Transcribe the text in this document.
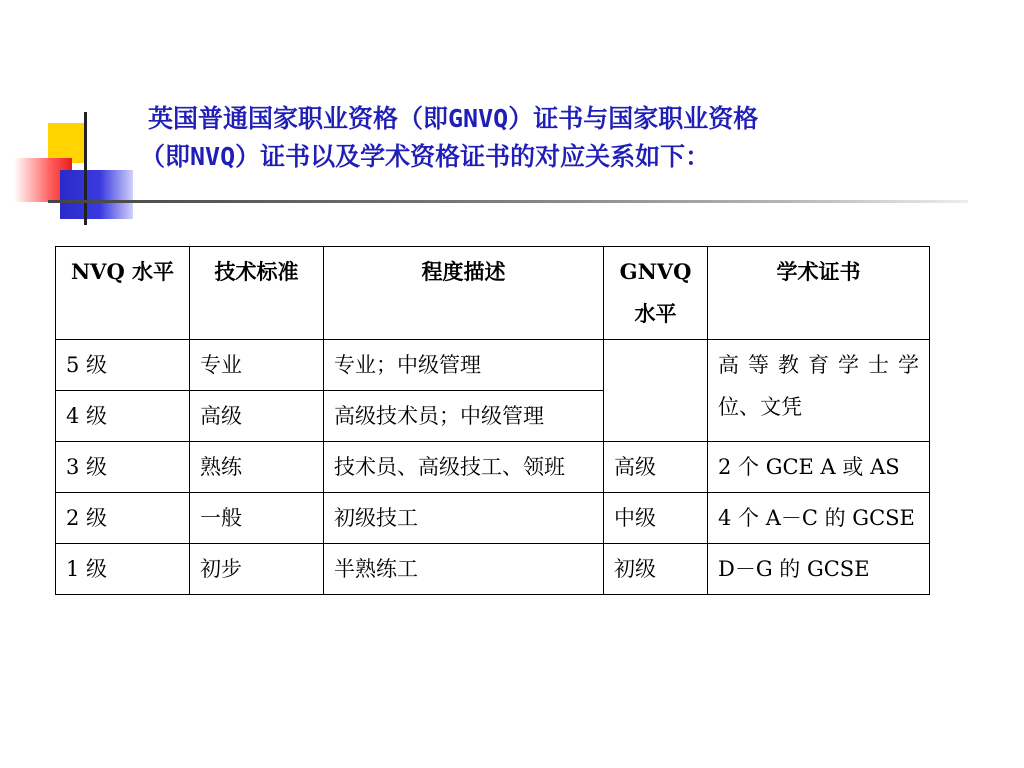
英国普通国家职业资格（即GNVQ）证书与国家职业资格
（即NVQ）证书以及学术资格证书的对应关系如下：
NVQ 水平	技术标准	程度描述	GNVQ 水平	学术证书
5 级	专业	专业；中级管理		高 等 教 育 学 士 学位、文凭
4 级	高级	高级技术员；中级管理		
3 级	熟练	技术员、高级技工、领班	高级	2 个 GCE A 或 AS
2 级	一般	初级技工	中级	4 个 A－C 的 GCSE
1 级	初步	半熟练工	初级	D－G 的 GCSE
